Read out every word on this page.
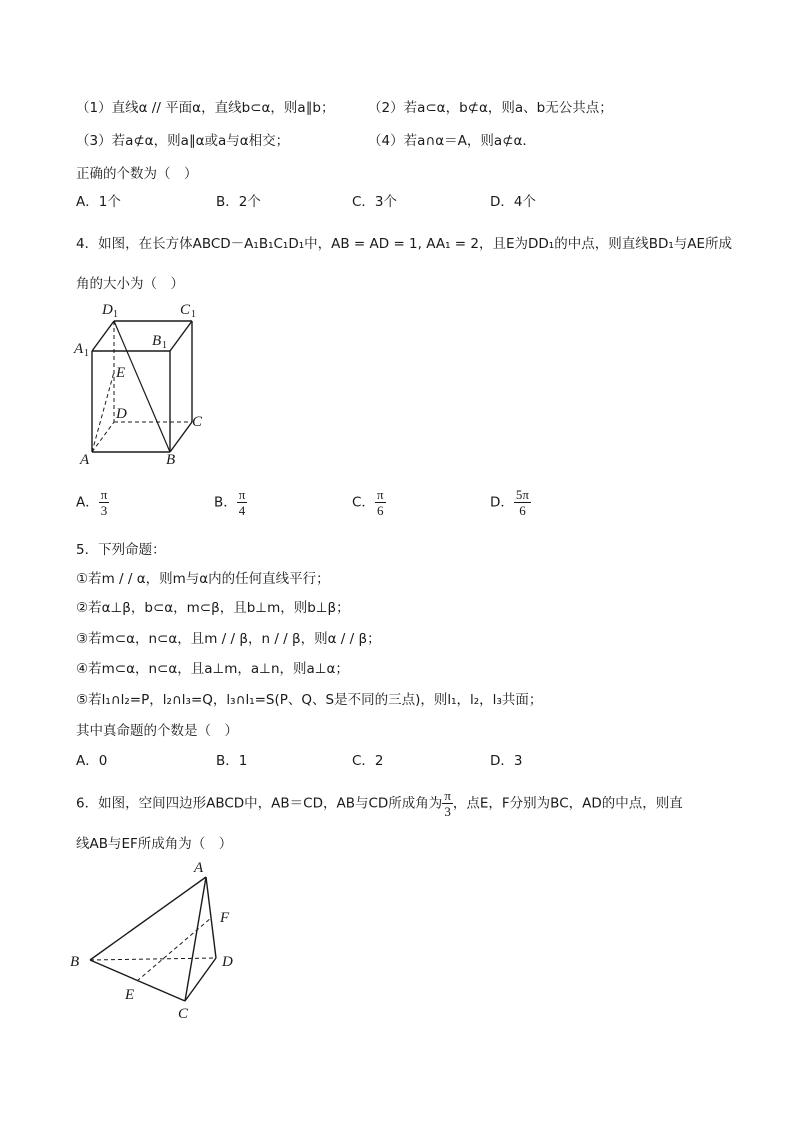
（1）直线α // 平面α，直线b⊂α，则a∥b； （2）若a⊂α，b⊄α，则a、b无公共点；
（3）若a⊄α，则a∥α或a与α相交；	（4）若a∩α＝A，则a⊄α．
正确的个数为（　）
A．1个	B．2个	C．3个	D．4个
4．如图，在长方体ABCD－A₁B₁C₁D₁中，AB = AD = 1, AA₁ = 2，且E为DD₁的中点，则直线BD₁与AE所成
角的大小为（　）
D 1	C 1
A 1
B 1
E
D	C
A	B
A． $\frac{\pi}{3}$	B． $\frac{\pi}{4}$	C． $\frac{\pi}{6}$	D． $\frac{5\pi}{6}$
5．下列命题：
①若m / / α，则m与α内的任何直线平行；
②若α⊥β，b⊂α，m⊂β，且b⊥m，则b⊥β；
③若m⊂α，n⊂α，且m / / β，n / / β，则α / / β；
④若m⊂α，n⊂α，且a⊥m，a⊥n，则a⊥α；
⑤若l₁∩l₂=P，l₂∩l₃=Q，l₃∩l₁=S(P、Q、S是不同的三点)，则l₁，l₂，l₃共面；
其中真命题的个数是（　）
A．0	B．1	C．2	D．3
6．如图，空间四边形ABCD中，AB＝CD，AB与CD所成角为 $\frac{\pi}{3}$ ，点E，F分别为BC，AD的中点，则直
线AB与EF所成角为（　）
A
F
B	D
E
C
